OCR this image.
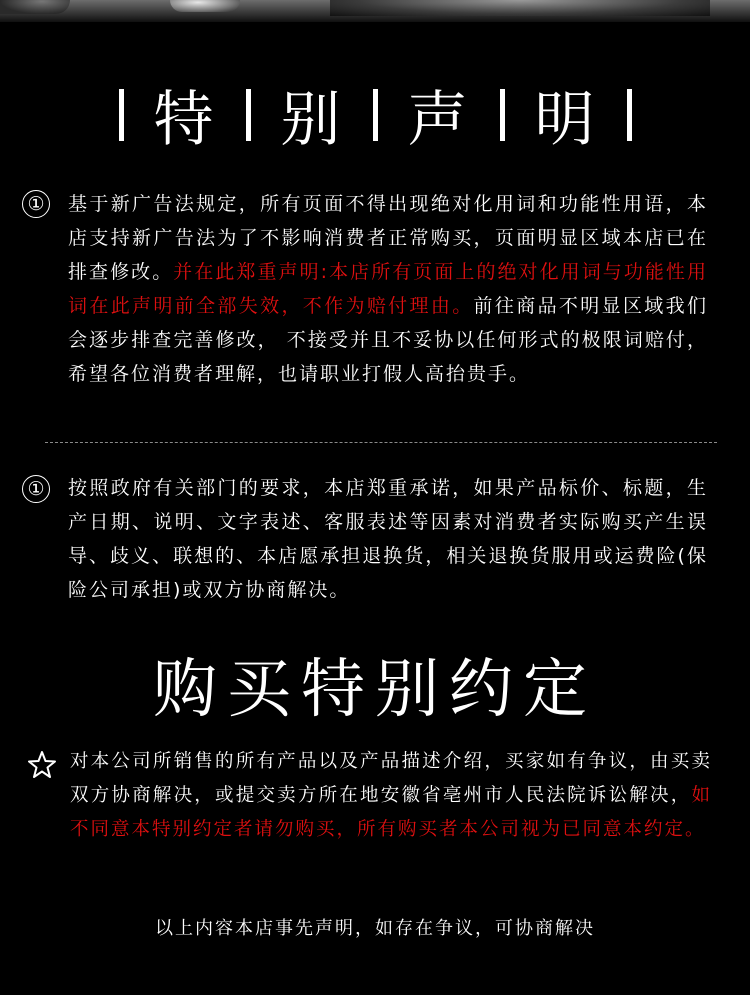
特 别 声 明
① 基于新广告法规定，所有页面不得出现绝对化用词和功能性用语，本店支持新广告法为了不影响消费者正常购买，页面明显区域本店已在排查修改。并在此郑重声明:本店所有页面上的绝对化用词与功能性用词在此声明前全部失效，不作为赔付理由。前往商品不明显区域我们会逐步排查完善修改， 不接受并且不妥协以任何形式的极限词赔付，希望各位消费者理解，也请职业打假人高抬贵手。
① 按照政府有关部门的要求，本店郑重承诺，如果产品标价、标题，生产日期、说明、文字表述、客服表述等因素对消费者实际购买产生误导、歧义、联想的、本店愿承担退换货，相关退换货服用或运费险(保险公司承担)或双方协商解决。
购买特别约定
对本公司所销售的所有产品以及产品描述介绍，买家如有争议，由买卖双方协商解决，或提交卖方所在地安徽省亳州市人民法院诉讼解决，如不同意本特别约定者请勿购买，所有购买者本公司视为已同意本约定。
以上内容本店事先声明，如存在争议，可协商解决
